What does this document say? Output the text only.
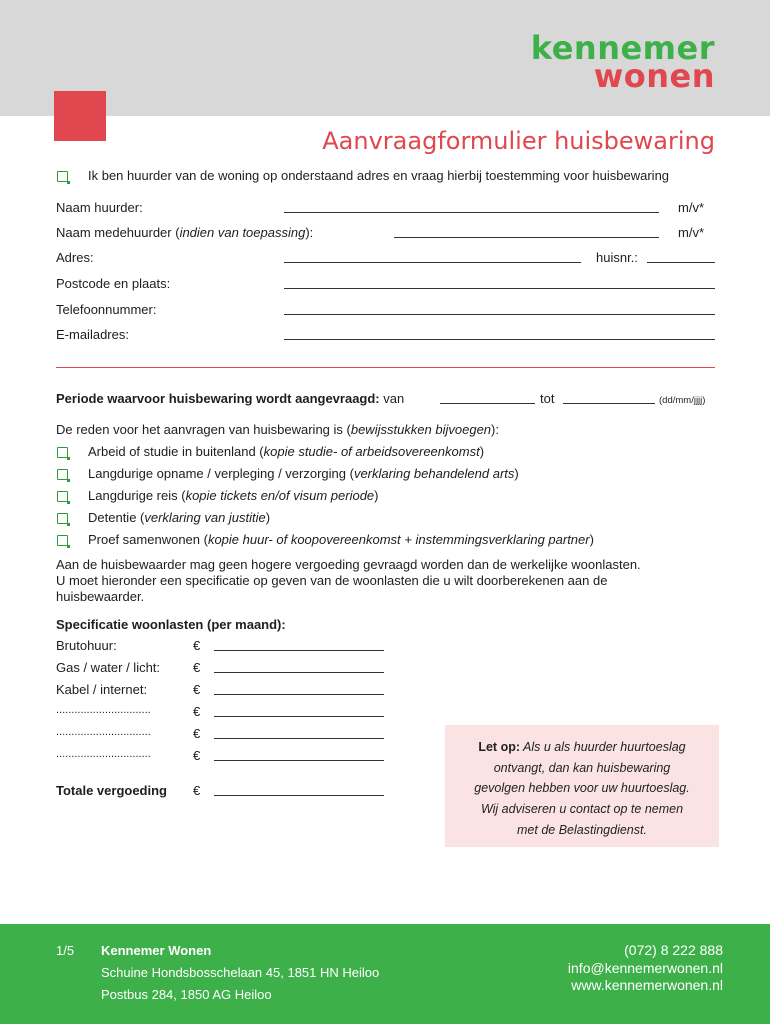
kennemer
wonen
Aanvraagformulier huisbewaring
Ik ben huurder van de woning op onderstaand adres en vraag hierbij toestemming voor huisbewaring
Naam huurder:	m/v*
Naam medehuurder (indien van toepassing):	m/v*
Adres:	huisnr.:
Postcode en plaats:
Telefoonnummer:
E-mailadres:
Periode waarvoor huisbewaring wordt aangevraagd: van	tot	(dd/mm/jjjj)
De reden voor het aanvragen van huisbewaring is (bewijsstukken bijvoegen):
Arbeid of studie in buitenland (kopie studie- of arbeidsovereenkomst)
Langdurige opname / verpleging / verzorging (verklaring behandelend arts)
Langdurige reis (kopie tickets en/of visum periode)
Detentie (verklaring van justitie)
Proef samenwonen (kopie huur- of koopovereenkomst + instemmingsverklaring partner)

Aan de huisbewaarder mag geen hogere vergoeding gevraagd worden dan de werkelijke woonlasten.
U moet hieronder een specificatie op geven van de woonlasten die u wilt doorberekenen aan de
huisbewaarder.

Specificatie woonlasten (per maand):
Brutohuur:	€
Gas / water / licht:	€
Kabel / internet:	€
...............................	€
...............................	€
...............................	€
Totale vergoeding €
Let op: Als u als huurder huurtoeslag
ontvangt, dan kan huisbewaring
gevolgen hebben voor uw huurtoeslag.
Wij adviseren u contact op te nemen
met de Belastingdienst.
1/5 Kennemer Wonen
Schuine Hondsbosschelaan 45, 1851 HN Heiloo
Postbus 284, 1850 AG Heiloo
(072) 8 222 888
info@kennemerwonen.nl
www.kennemerwonen.nl
